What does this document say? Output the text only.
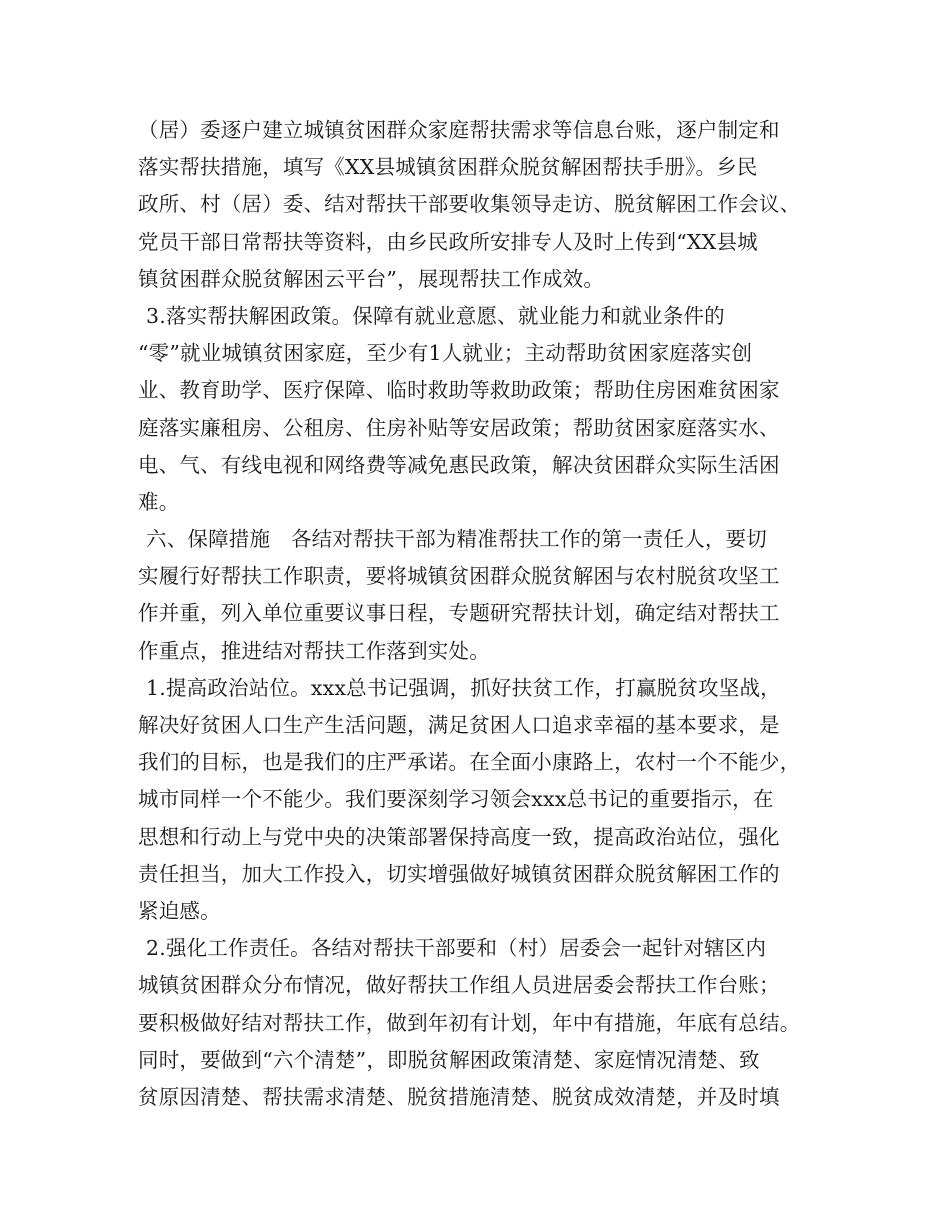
（居）委逐户建立城镇贫困群众家庭帮扶需求等信息台账，逐户制定和
落实帮扶措施，填写《XX县城镇贫困群众脱贫解困帮扶手册》。乡民
政所、村（居）委、结对帮扶干部要收集领导走访、脱贫解困工作会议、
党员干部日常帮扶等资料，由乡民政所安排专人及时上传到“XX县城
镇贫困群众脱贫解困云平台”，展现帮扶工作成效。
3.落实帮扶解困政策。保障有就业意愿、就业能力和就业条件的
“零”就业城镇贫困家庭，至少有1人就业；主动帮助贫困家庭落实创
业、教育助学、医疗保障、临时救助等救助政策；帮助住房困难贫困家
庭落实廉租房、公租房、住房补贴等安居政策；帮助贫困家庭落实水、
电、气、有线电视和网络费等减免惠民政策，解决贫困群众实际生活困
难。
六、保障措施　各结对帮扶干部为精准帮扶工作的第一责任人，要切
实履行好帮扶工作职责，要将城镇贫困群众脱贫解困与农村脱贫攻坚工
作并重，列入单位重要议事日程，专题研究帮扶计划，确定结对帮扶工
作重点，推进结对帮扶工作落到实处。
1.提高政治站位。xxx总书记强调，抓好扶贫工作，打赢脱贫攻坚战，
解决好贫困人口生产生活问题，满足贫困人口追求幸福的基本要求，是
我们的目标，也是我们的庄严承诺。在全面小康路上，农村一个不能少，
城市同样一个不能少。我们要深刻学习领会xxx总书记的重要指示，在
思想和行动上与党中央的决策部署保持高度一致，提高政治站位，强化
责任担当，加大工作投入，切实增强做好城镇贫困群众脱贫解困工作的
紧迫感。
2.强化工作责任。各结对帮扶干部要和（村）居委会一起针对辖区内
城镇贫困群众分布情况，做好帮扶工作组人员进居委会帮扶工作台账；
要积极做好结对帮扶工作，做到年初有计划，年中有措施，年底有总结。
同时，要做到“六个清楚”，即脱贫解困政策清楚、家庭情况清楚、致
贫原因清楚、帮扶需求清楚、脱贫措施清楚、脱贫成效清楚，并及时填
